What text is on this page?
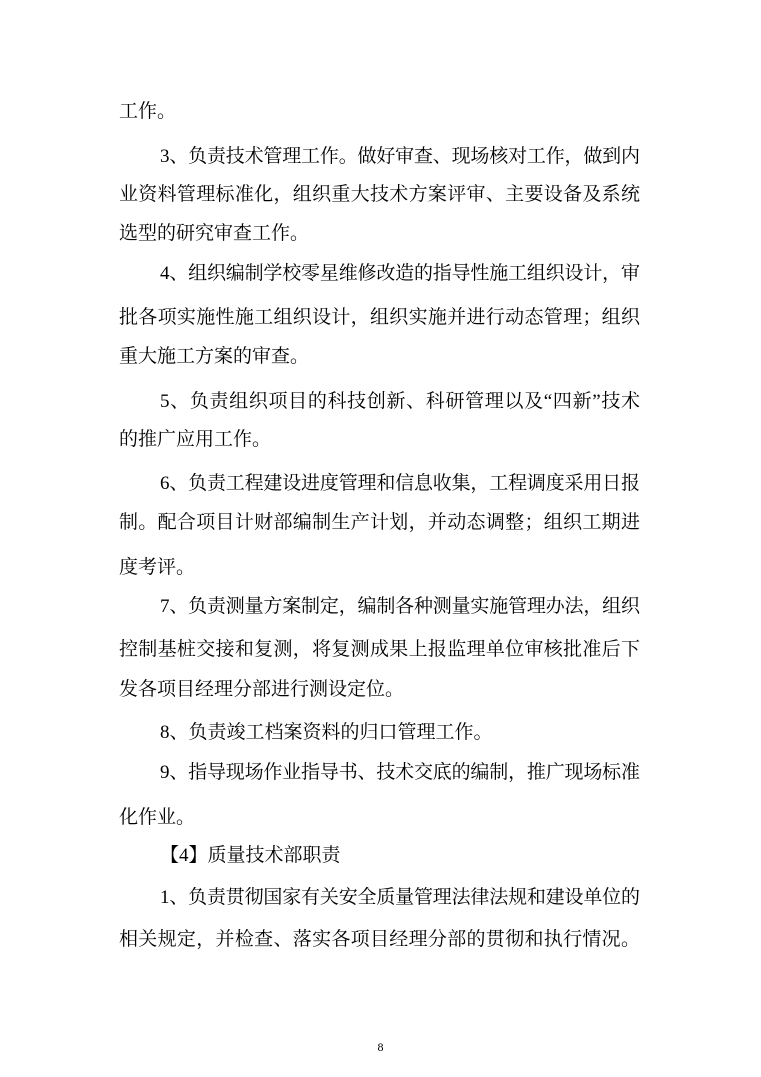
工作。
3、负责技术管理工作。做好审查、现场核对工作，做到内
业资料管理标准化，组织重大技术方案评审、主要设备及系统
选型的研究审查工作。
4、组织编制学校零星维修改造的指导性施工组织设计，审
批各项实施性施工组织设计，组织实施并进行动态管理；组织
重大施工方案的审查。
5、负责组织项目的科技创新、科研管理以及“四新”技术
的推广应用工作。
6、负责工程建设进度管理和信息收集，工程调度采用日报
制。配合项目计财部编制生产计划，并动态调整；组织工期进
度考评。
7、负责测量方案制定，编制各种测量实施管理办法，组织
控制基桩交接和复测，将复测成果上报监理单位审核批准后下
发各项目经理分部进行测设定位。
8、负责竣工档案资料的归口管理工作。
9、指导现场作业指导书、技术交底的编制，推广现场标准
化作业。
【4】质量技术部职责
1、负责贯彻国家有关安全质量管理法律法规和建设单位的
相关规定，并检查、落实各项目经理分部的贯彻和执行情况。
8
